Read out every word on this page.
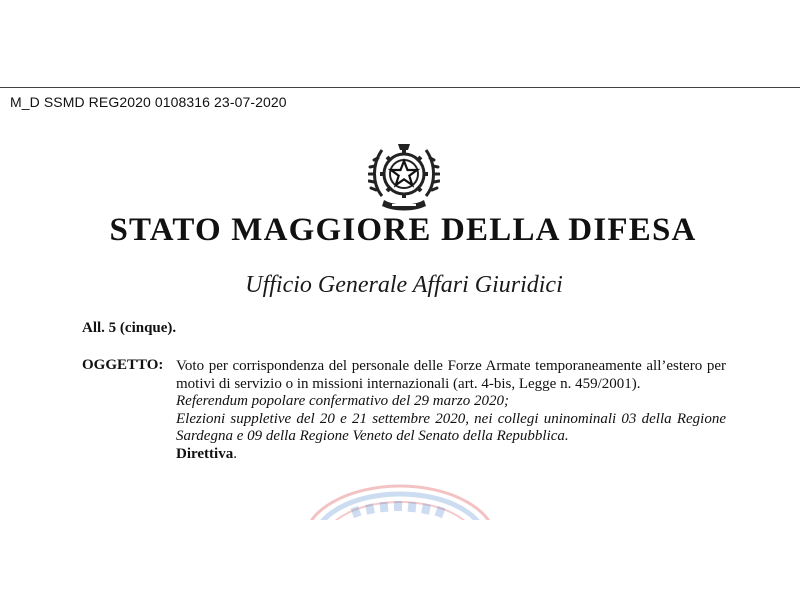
M_D SSMD REG2020 0108316 23-07-2020
STATO MAGGIORE DELLA DIFESA
Ufficio Generale Affari Giuridici
All. 5 (cinque).
OGGETTO: Voto per corrispondenza del personale delle Forze Armate temporaneamente all’estero per motivi di servizio o in missioni internazionali (art. 4-bis, Legge n. 459/2001).

Referendum popolare confermativo del 29 marzo 2020;

Elezioni suppletive del 20 e 21 settembre 2020, nei collegi uninominali 03 della Regione Sardegna e 09 della Regione Veneto del Senato della Repubblica.

Direttiva.
